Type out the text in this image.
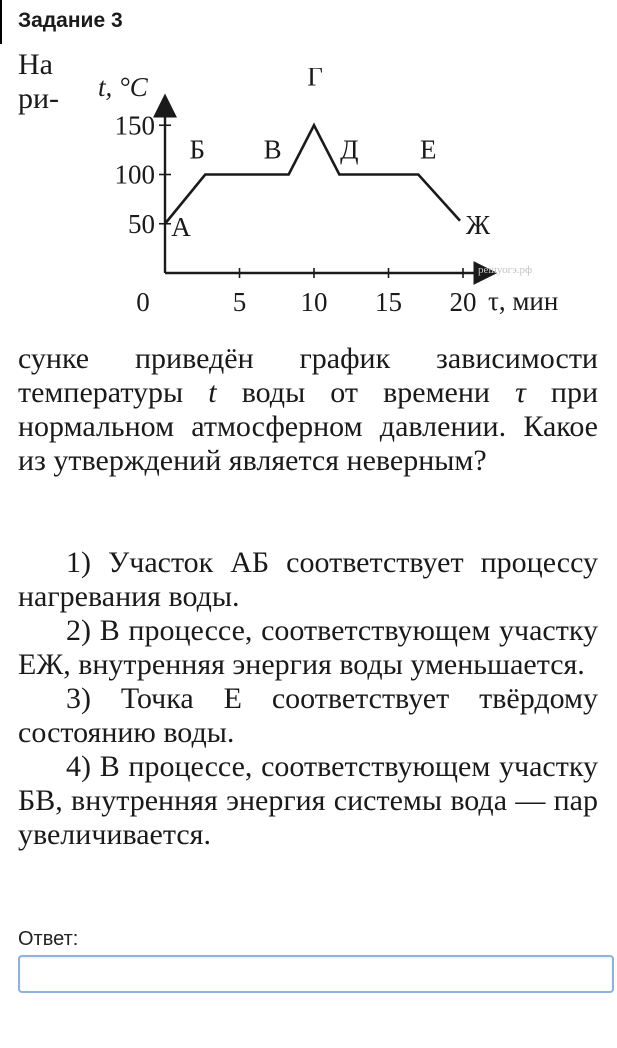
Задание 3
На
ри-
0	5 10 15 20
50
100
150
А
Б В
Г
Д Е
Ж
t, °C
τ, мин
решуогэ.рф
сунке приведён график зависимости температуры t воды от времени τ при нормальном атмосферном давлении. Какое из утверждений является неверным?

1) Участок АБ соответствует процессу нагревания воды.

2) В процессе, соответствующем участку ЕЖ, внутренняя энергия воды уменьшается.

3) Точка Е соответствует твёрдому состоянию воды.

4) В процессе, соответствующем участку БВ, внутренняя энергия системы вода — пар увеличивается.

Ответ:
